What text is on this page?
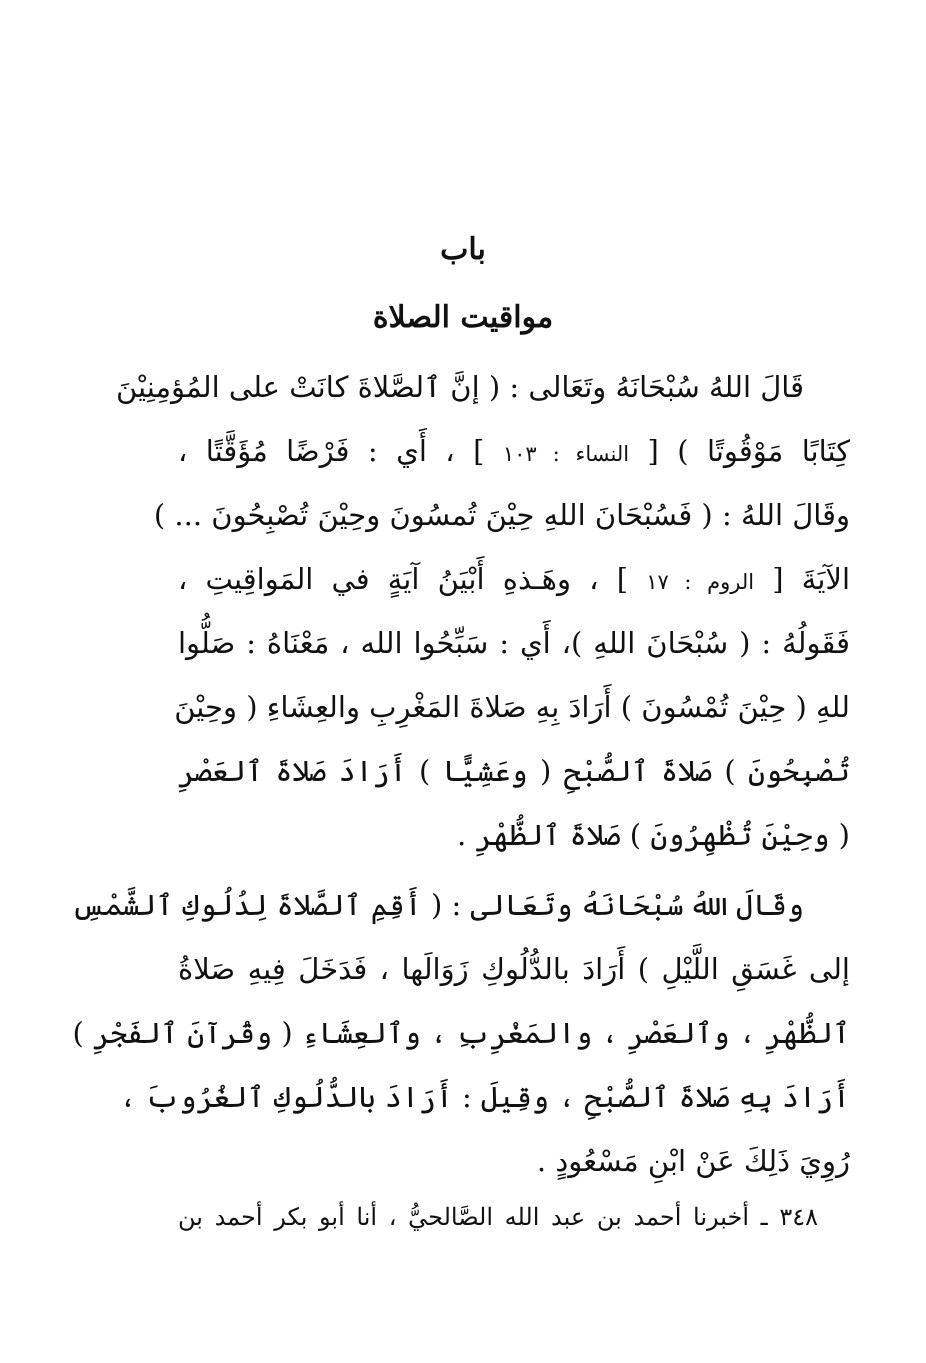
باب
مواقيت الصلاة
قَالَ اللهُ سُبْحَانَهُ وتَعَالى : ( إنَّ ٱلصَّلاةَ كانَتْ على المُؤمِنِيْنَ
كِتَابًا مَوْقُوتًا ) [ النساء : ١٠٣ ] ، أَي : فَرْضًا مُؤَقَّتًا ،
وقَالَ اللهُ : ( فَسُبْحَانَ اللهِ حِيْنَ تُمسُونَ وحِيْنَ تُصْبِحُونَ ... )
الآيَةَ [ الروم : ١٧ ] ، وهَـذهِ أَبْيَنُ آيَةٍ في المَواقِيتِ ،
فَقَولُهُ : ( سُبْحَانَ اللهِ )، أَي : سَبِّحُوا الله ، مَعْنَاهُ : صَلُّوا
للهِ ( حِيْنَ تُمْسُونَ ) أَرَادَ بِهِ صَلاةَ المَغْرِبِ والعِشَاءِ ( وحِيْنَ
تُصْبِحُونَ ) صَلاةَ ٱلصُّبْحِ ( وعَشِيًّا ) أَرَادَ صَلاةَ ٱلعَصْرِ
( وحِيْنَ تُظْهِرُونَ ) صَلاةَ ٱلظُّهْرِ .
وقَالَ اللهُ سُبْحَانَهُ وتَعَالى : ( أَقِمِ ٱلصَّلاةَ لِدُلُوكِ ٱلشَّمْسِ
إلى غَسَقِ اللَّيْلِ ) أَرَادَ بالدُّلُوكِ زَوَالَها ، فَدَخَلَ فِيهِ صَلاةُ
ٱلظُّهْرِ ، وٱلعَصْرِ ، والمَغْرِبِ ، وٱلعِشَاءِ ( وقُرآنَ ٱلفَجْرِ )
أَرَادَ بِهِ صَلاةَ ٱلصُّبْحِ ، وقِيلَ : أَرَادَ بالدُّلُوكِ ٱلغُرُوبَ ،
رُوِيَ ذَلِكَ عَنْ ابْنِ مَسْعُودٍ .
٣٤٨ ـ أخبرنا أحمد بن عبد الله الصَّالحيُّ ، أنا أبو بكر أحمد بن
